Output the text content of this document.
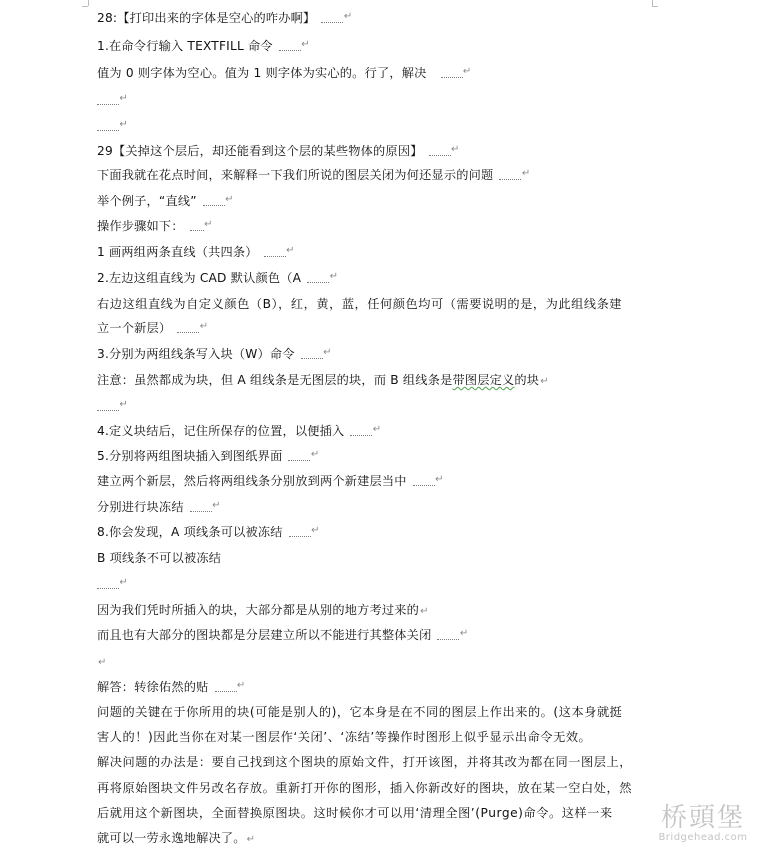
28:【打印出来的字体是空心的咋办啊】↵
1.在命令行输入 TEXTFILL 命令↵
值为 0 则字体为空心。值为 1 则字体为实心的。行了，解决↵
↵
↵
29【关掉这个层后，却还能看到这个层的某些物体的原因】↵
下面我就在花点时间，来解释一下我们所说的图层关闭为何还显示的问题↵
举个例子，“直线”↵
操作步骤如下：↵
1 画两组两条直线（共四条）↵
2.左边这组直线为 CAD 默认颜色（A↵
右边这组直线为自定义颜色（B），红，黄，蓝，任何颜色均可（需要说明的是，为此组线条建
立一个新层）↵
3.分别为两组线条写入块（W）命令↵
注意：虽然都成为块，但 A 组线条是无图层的块，而 B 组线条是带图层定义的块↵
↵
4.定义块结后，记住所保存的位置，以便插入↵
5.分别将两组图块插入到图纸界面↵
建立两个新层，然后将两组线条分别放到两个新建层当中↵
分别进行块冻结↵
8.你会发现，A 项线条可以被冻结↵
B 项线条不可以被冻结
↵
因为我们凭时所插入的块，大部分都是从别的地方考过来的↵
而且也有大部分的图块都是分层建立所以不能进行其整体关闭↵
↵
解答：转徐佑然的贴↵
问题的关键在于你所用的块(可能是别人的)，它本身是在不同的图层上作出来的。(这本身就挺
害人的！)因此当你在对某一图层作‘关闭’、‘冻结’等操作时图形上似乎显示出命令无效。
解决问题的办法是：要自己找到这个图块的原始文件，打开该图，并将其改为都在同一图层上，
再将原始图块文件另改名存放。重新打开你的图形，插入你新改好的图块，放在某一空白处，然
后就用这个新图块，全面替换原图块。这时候你才可以用‘清理全图’(Purge)命令。这样一来
就可以一劳永逸地解决了。↵
桥頭堡
Bridgehead.com
